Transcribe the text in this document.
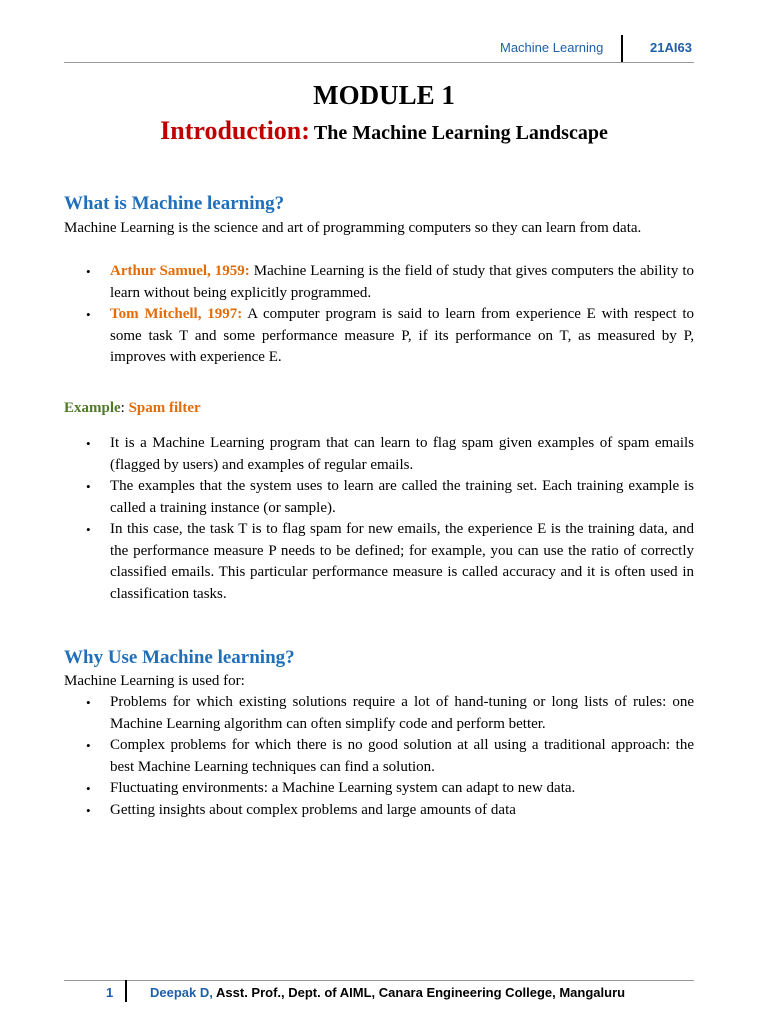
Machine Learning	21AI63
MODULE 1
Introduction: The Machine Learning Landscape
What is Machine learning?
Machine Learning is the science and art of programming computers so they can learn from data.
• Arthur Samuel, 1959: Machine Learning is the field of study that gives computers the ability to learn without being explicitly programmed.
• Tom Mitchell, 1997: A computer program is said to learn from experience E with respect to some task T and some performance measure P, if its performance on T, as measured by P, improves with experience E.
Example: Spam filter
• It is a Machine Learning program that can learn to flag spam given examples of spam emails (flagged by users) and examples of regular emails.
• The examples that the system uses to learn are called the training set. Each training example is called a training instance (or sample).
• In this case, the task T is to flag spam for new emails, the experience E is the training data, and the performance measure P needs to be defined; for example, you can use the ratio of correctly classified emails. This particular performance measure is called accuracy and it is often used in classification tasks.
Why Use Machine learning?
Machine Learning is used for:
• Problems for which existing solutions require a lot of hand-tuning or long lists of rules: one Machine Learning algorithm can often simplify code and perform better.
• Complex problems for which there is no good solution at all using a traditional approach: the best Machine Learning techniques can find a solution.
• Fluctuating environments: a Machine Learning system can adapt to new data.
• Getting insights about complex problems and large amounts of data
1	Deepak D, Asst. Prof., Dept. of AIML, Canara Engineering College, Mangaluru
